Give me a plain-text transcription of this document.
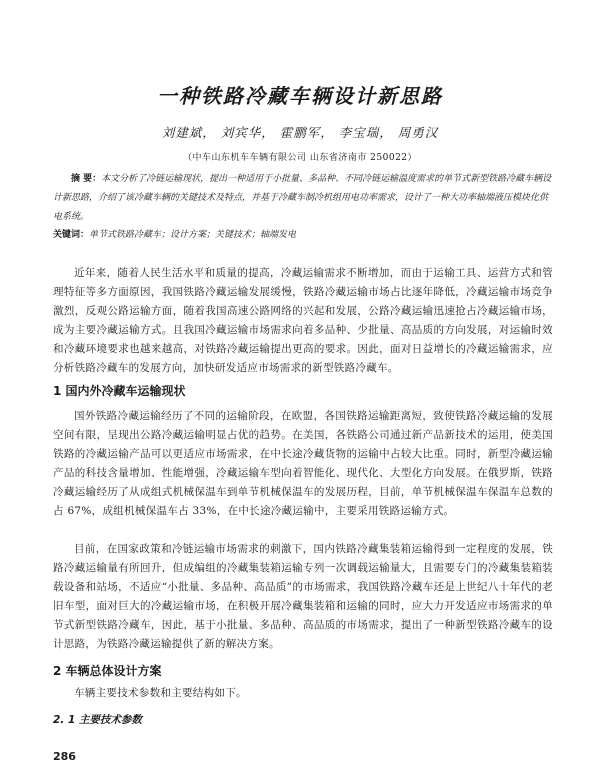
一种铁路冷藏车辆设计新思路
刘建斌， 刘宾华， 霍鹏军， 李宝瑞， 周勇汉
（中车山东机车车辆有限公司 山东省济南市 250022）
摘 要：本文分析了冷链运输现状，提出一种适用于小批量、多品种、不同冷链运输温度需求的单节式新型铁路冷藏车辆设计新思路，介绍了该冷藏车辆的关键技术及特点，并基于冷藏车制冷机组用电功率需求，设计了一种大功率轴端液压模块化供电系统。
关键词：单节式铁路冷藏车；设计方案；关键技术；轴端发电
近年来，随着人民生活水平和质量的提高，冷藏运输需求不断增加，而由于运输工具、运营方式和管理特征等多方面原因，我国铁路冷藏运输发展缓慢，铁路冷藏运输市场占比逐年降低，冷藏运输市场竞争激烈，反观公路运输方面，随着我国高速公路网络的兴起和发展，公路冷藏运输迅速抢占冷藏运输市场，成为主要冷藏运输方式。且我国冷藏运输市场需求向着多品种、少批量、高品质的方向发展，对运输时效和冷藏环境要求也越来越高，对铁路冷藏运输提出更高的要求。因此，面对日益增长的冷藏运输需求，应分析铁路冷藏车的发展方向，加快研发适应市场需求的新型铁路冷藏车。
1 国内外冷藏车运输现状
国外铁路冷藏运输经历了不同的运输阶段，在欧盟，各国铁路运输距离短，致使铁路冷藏运输的发展空间有限，呈现出公路冷藏运输明显占优的趋势。在美国，各铁路公司通过新产品新技术的运用，使美国铁路的冷藏运输产品可以更适应市场需求，在中长途冷藏货物的运输中占较大比重。同时，新型冷藏运输产品的科技含量增加、性能增强，冷藏运输车型向着智能化、现代化、大型化方向发展。在俄罗斯，铁路冷藏运输经历了从成组式机械保温车到单节机械保温车的发展历程，目前，单节机械保温车保温车总数的占 67%，成组机械保温车占 33%，在中长途冷藏运输中，主要采用铁路运输方式。
目前，在国家政策和冷链运输市场需求的刺激下，国内铁路冷藏集装箱运输得到一定程度的发展，铁路冷藏运输量有所回升，但成编组的冷藏集装箱运输专列一次调载运输量大，且需要专门的冷藏集装箱装载设备和站场，不适应“小批量、多品种、高品质”的市场需求，我国铁路冷藏车还是上世纪八十年代的老旧车型，面对巨大的冷藏运输市场，在积极开展冷藏集装箱和运输的同时，应大力开发适应市场需求的单节式新型铁路冷藏车，因此，基于小批量、多品种、高品质的市场需求，提出了一种新型铁路冷藏车的设计思路，为铁路冷藏运输提供了新的解决方案。
2 车辆总体设计方案
车辆主要技术参数和主要结构如下。
2. 1 主要技术参数
286
